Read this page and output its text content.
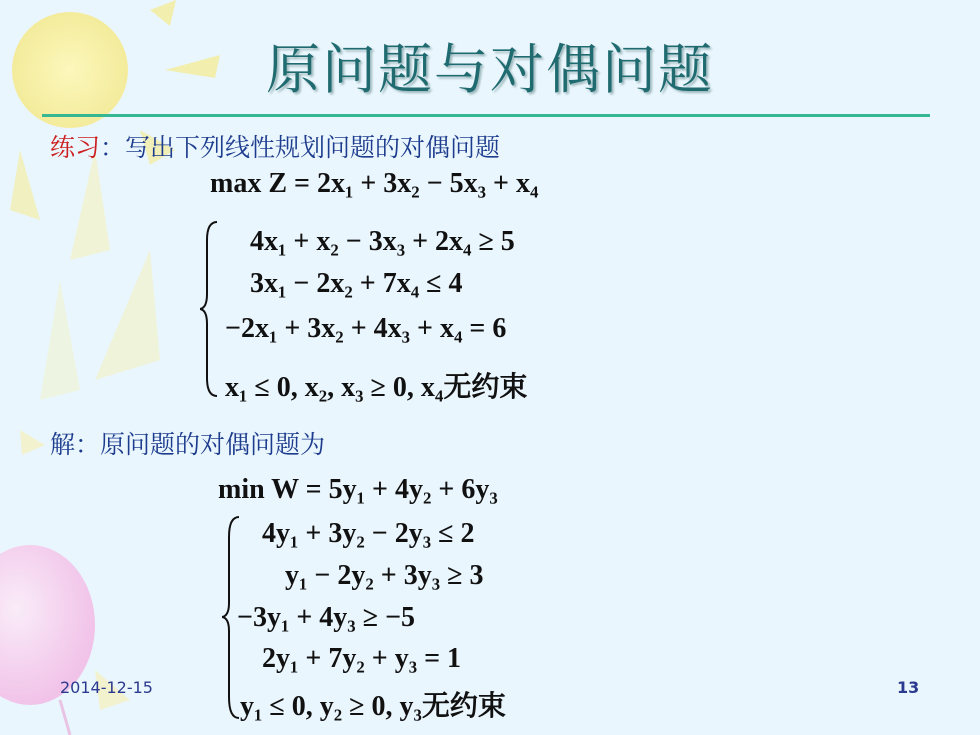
原问题与对偶问题
练习：写出下列线性规划问题的对偶问题
max Z = 2x₁ + 3x₂ − 5x₃ + x₄
4x₁ + x₂ − 3x₃ + 2x₄ ≥ 5
3x₁ − 2x₂ + 7x₄ ≤ 4
−2x₁ + 3x₂ + 4x₃ + x₄ = 6
x₁ ≤ 0, x₂, x₃ ≥ 0, x₄无约束
解：原问题的对偶问题为
min W = 5y₁ + 4y₂ + 6y₃
4y₁ + 3y₂ − 2y₃ ≤ 2
y₁ − 2y₂ + 3y₃ ≥ 3
−3y₁ + 4y₃ ≥ −5
2y₁ + 7y₂ + y₃ = 1
y₁ ≤ 0, y₂ ≥ 0, y₃无约束
2014-12-15	13
